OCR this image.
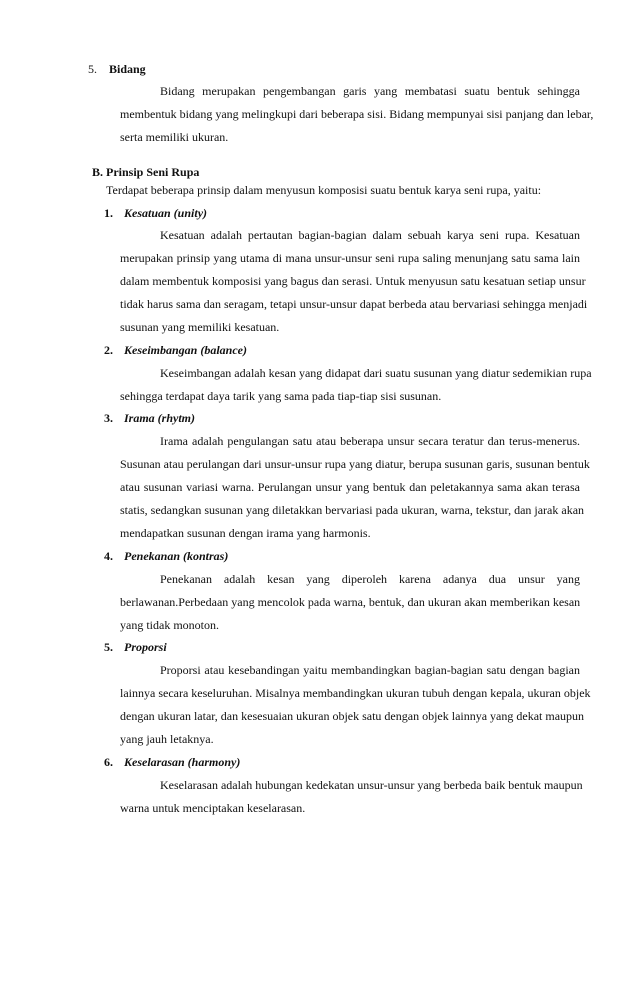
5. Bidang
Bidang merupakan pengembangan garis yang membatasi suatu bentuk sehingga
membentuk bidang yang melingkupi dari beberapa sisi. Bidang mempunyai sisi panjang dan lebar,
serta memiliki ukuran.
B. Prinsip Seni Rupa
Terdapat beberapa prinsip dalam menyusun komposisi suatu bentuk karya seni rupa, yaitu:
1. Kesatuan (unity)
Kesatuan adalah pertautan bagian-bagian dalam sebuah karya seni rupa. Kesatuan
merupakan prinsip yang utama di mana unsur-unsur seni rupa saling menunjang satu sama lain
dalam membentuk komposisi yang bagus dan serasi. Untuk menyusun satu kesatuan setiap unsur
tidak harus sama dan seragam, tetapi unsur-unsur dapat berbeda atau bervariasi sehingga menjadi
susunan yang memiliki kesatuan.
2. Keseimbangan (balance)
Keseimbangan adalah kesan yang didapat dari suatu susunan yang diatur sedemikian rupa
sehingga terdapat daya tarik yang sama pada tiap-tiap sisi susunan.
3. Irama (rhytm)
Irama adalah pengulangan satu atau beberapa unsur secara teratur dan terus-menerus.
Susunan atau perulangan dari unsur-unsur rupa yang diatur, berupa susunan garis, susunan bentuk
atau susunan variasi warna. Perulangan unsur yang bentuk dan peletakannya sama akan terasa
statis, sedangkan susunan yang diletakkan bervariasi pada ukuran, warna, tekstur, dan jarak akan
mendapatkan susunan dengan irama yang harmonis.
4. Penekanan (kontras)
Penekanan adalah kesan yang diperoleh karena adanya dua unsur yang
berlawanan.Perbedaan yang mencolok pada warna, bentuk, dan ukuran akan memberikan kesan
yang tidak monoton.
5. Proporsi
Proporsi atau kesebandingan yaitu membandingkan bagian-bagian satu dengan bagian
lainnya secara keseluruhan. Misalnya membandingkan ukuran tubuh dengan kepala, ukuran objek
dengan ukuran latar, dan kesesuaian ukuran objek satu dengan objek lainnya yang dekat maupun
yang jauh letaknya.
6. Keselarasan (harmony)
Keselarasan adalah hubungan kedekatan unsur-unsur yang berbeda baik bentuk maupun
warna untuk menciptakan keselarasan.
